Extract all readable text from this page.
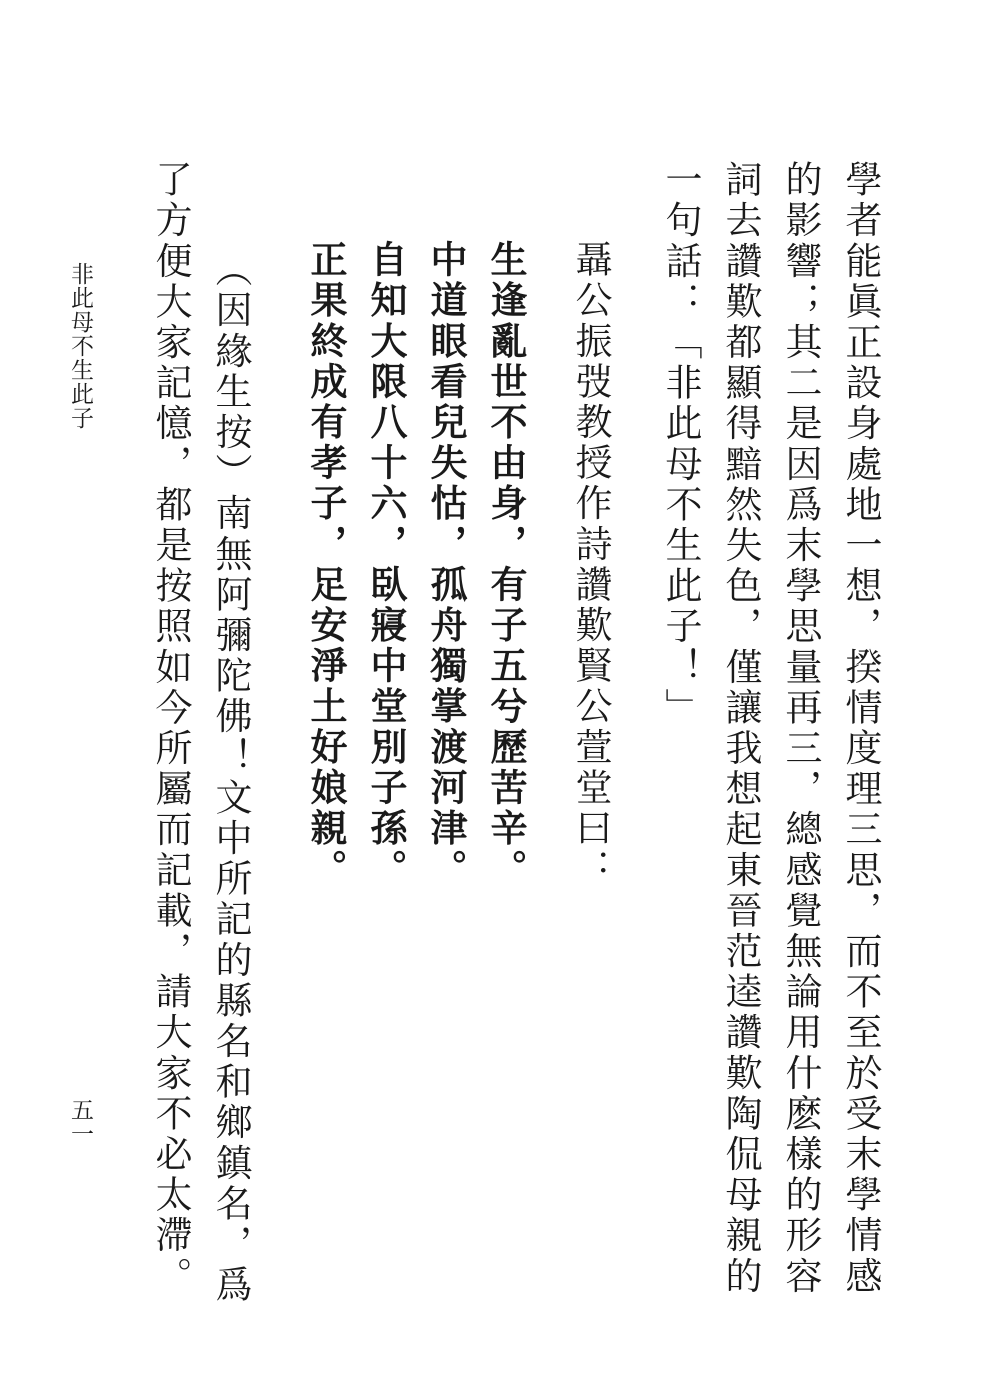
學者能眞正設身處地一想，揆情度理三思，而不至於受末學情感
的影響；其二是因爲末學思量再三，總感覺無論用什麽樣的形容
詞去讚歎都顯得黯然失色，僅讓我想起東晉范逵讚歎陶侃母親的
一句話：「非此母不生此子！」
聶公振弢教授作詩讚歎賢公萱堂曰：
生逢亂世不由身，有子五兮歷苦辛。
中道眼看兒失怙，孤舟獨掌渡河津。
自知大限八十六，臥寢中堂別子孫。
正果終成有孝子，足安淨土好娘親。
（因緣生按）南無阿彌陀佛！文中所記的縣名和鄉鎮名，爲
了方便大家記憶，都是按照如今所屬而記載，請大家不必太滯。
非此母不生此子
五一
